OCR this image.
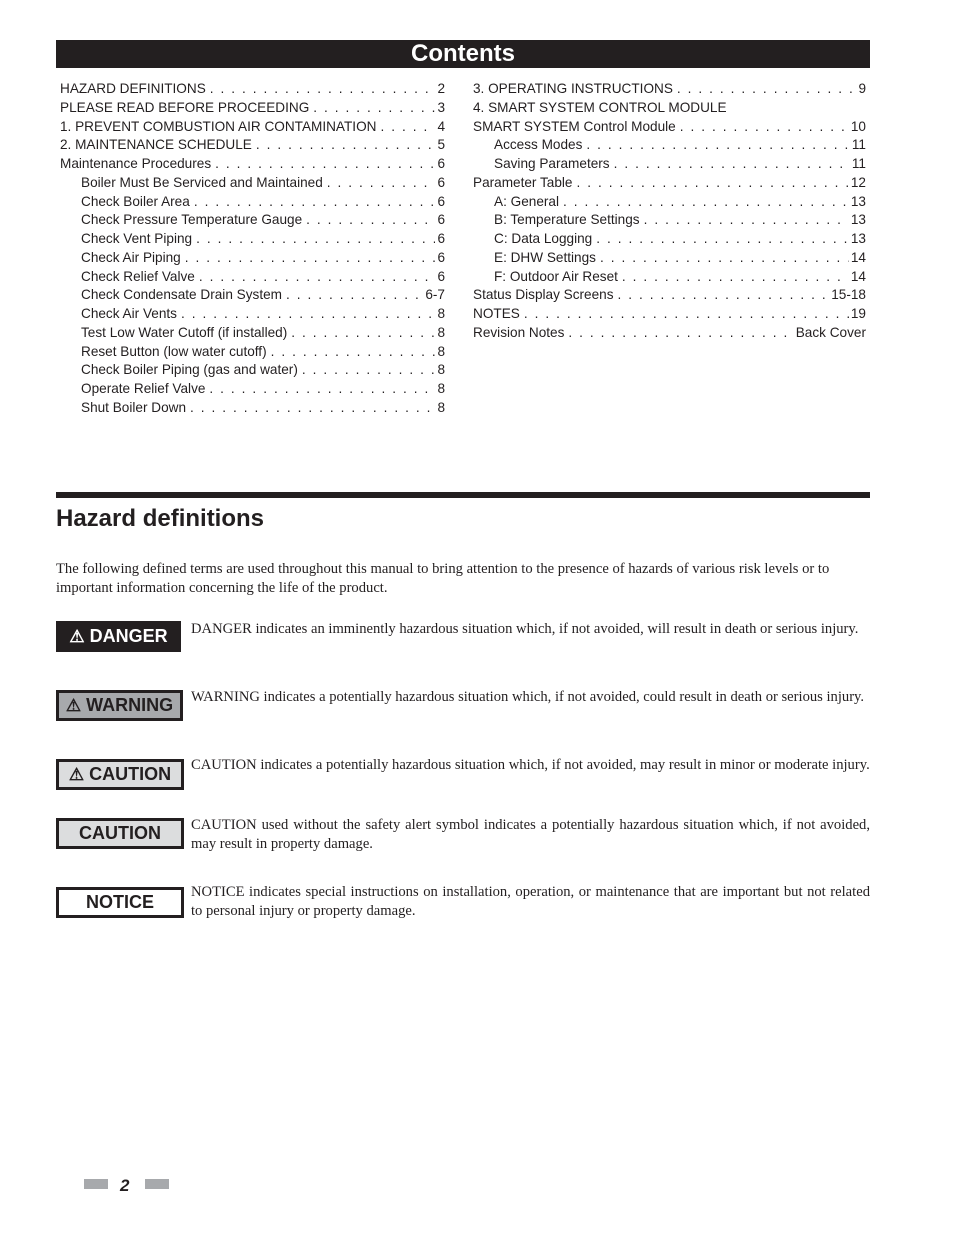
Contents
HAZARD DEFINITIONS . . .	2
PLEASE READ BEFORE PROCEEDING . . .	3
1. PREVENT COMBUSTION AIR CONTAMINATION . . .	4
2. MAINTENANCE SCHEDULE . . .	5
Maintenance Procedures . . .	6
Boiler Must Be Serviced and Maintained . . .	6
Check Boiler Area . . .	6
Check Pressure Temperature Gauge . . .	6
Check Vent Piping . . .	6
Check Air Piping . . .	6
Check Relief Valve . . .	6
Check Condensate Drain System . . .	6-7
Check Air Vents . . .	8
Test Low Water Cutoff (if installed) . . .	8
Reset Button (low water cutoff) . . .	8
Check Boiler Piping (gas and water) . . .	8
Operate Relief Valve . . .	8
Shut Boiler Down . . .	8
3. OPERATING INSTRUCTIONS . . .	9
4. SMART SYSTEM CONTROL MODULE
SMART SYSTEM Control Module . . .	10
Access Modes . . .	11
Saving Parameters . . .	11
Parameter Table . . .	12
A: General . . .	13
B: Temperature Settings . . .	13
C: Data Logging . . .	13
E: DHW Settings . . .	14
F: Outdoor Air Reset . . .	14
Status Display Screens . . .	15-18
NOTES . . .	19
Revision Notes . . .	Back Cover
Hazard definitions
The following defined terms are used throughout this manual to bring attention to the presence of hazards of various risk levels or to important information concerning the life of the product.
⚠ DANGER DANGER indicates an imminently hazardous situation which, if not avoided, will result in death or serious injury.
⚠ WARNING WARNING indicates a potentially hazardous situation which, if not avoided, could result in death or serious injury.
⚠ CAUTION CAUTION indicates a potentially hazardous situation which, if not avoided, may result in minor or moderate injury.
CAUTION CAUTION used without the safety alert symbol indicates a potentially hazardous situation which, if not avoided, may result in property damage.
NOTICE	NOTICE indicates special instructions on installation, operation, or maintenance that are important but not related to personal injury or property damage.
2
